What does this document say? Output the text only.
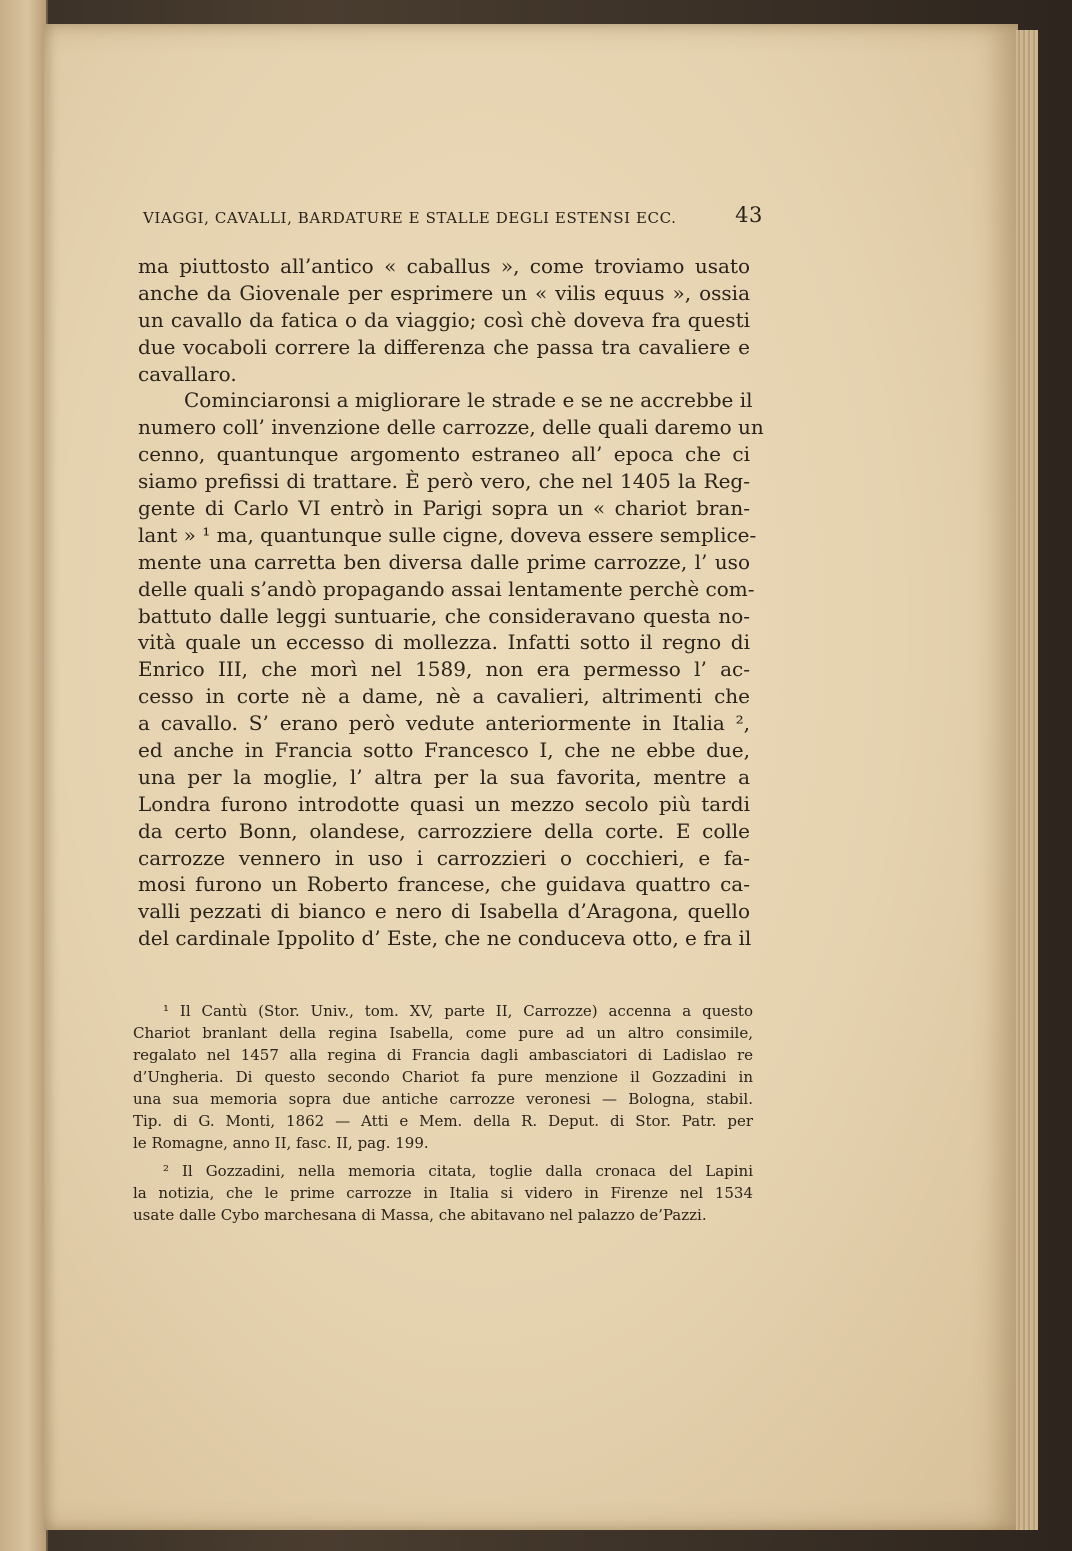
VIAGGI, CAVALLI, BARDATURE E STALLE DEGLI ESTENSI ECC.	43
ma piuttosto all’antico « caballus », come troviamo usato
anche da Giovenale per esprimere un « vilis equus », ossia
un cavallo da fatica o da viaggio; così chè doveva fra questi
due vocaboli correre la differenza che passa tra cavaliere e
cavallaro.
Cominciaronsi a migliorare le strade e se ne accrebbe il
numero coll’ invenzione delle carrozze, delle quali daremo un
cenno, quantunque argomento estraneo all’ epoca che ci
siamo prefissi di trattare. È però vero, che nel 1405 la Reg-
gente di Carlo VI entrò in Parigi sopra un « chariot bran-
lant » ¹ ma, quantunque sulle cigne, doveva essere semplice-
mente una carretta ben diversa dalle prime carrozze, l’ uso
delle quali s’andò propagando assai lentamente perchè com-
battuto dalle leggi suntuarie, che consideravano questa no-
vità quale un eccesso di mollezza. Infatti sotto il regno di
Enrico III, che morì nel 1589, non era permesso l’ ac-
cesso in corte nè a dame, nè a cavalieri, altrimenti che
a cavallo. S’ erano però vedute anteriormente in Italia ²,
ed anche in Francia sotto Francesco I, che ne ebbe due,
una per la moglie, l’ altra per la sua favorita, mentre a
Londra furono introdotte quasi un mezzo secolo più tardi
da certo Bonn, olandese, carrozziere della corte. E colle
carrozze vennero in uso i carrozzieri o cocchieri, e fa-
mosi furono un Roberto francese, che guidava quattro ca-
valli pezzati di bianco e nero di Isabella d’Aragona, quello
del cardinale Ippolito d’ Este, che ne conduceva otto, e fra il
¹ Il Cantù (Stor. Univ., tom. XV, parte II, Carrozze) accenna a questo
Chariot branlant della regina Isabella, come pure ad un altro consimile,
regalato nel 1457 alla regina di Francia dagli ambasciatori di Ladislao re
d’Ungheria. Di questo secondo Chariot fa pure menzione il Gozzadini in
una sua memoria sopra due antiche carrozze veronesi — Bologna, stabil.
Tip. di G. Monti, 1862 — Atti e Mem. della R. Deput. di Stor. Patr. per
le Romagne, anno II, fasc. II, pag. 199.
² Il Gozzadini, nella memoria citata, toglie dalla cronaca del Lapini
la notizia, che le prime carrozze in Italia si videro in Firenze nel 1534
usate dalle Cybo marchesana di Massa, che abitavano nel palazzo de’Pazzi.
